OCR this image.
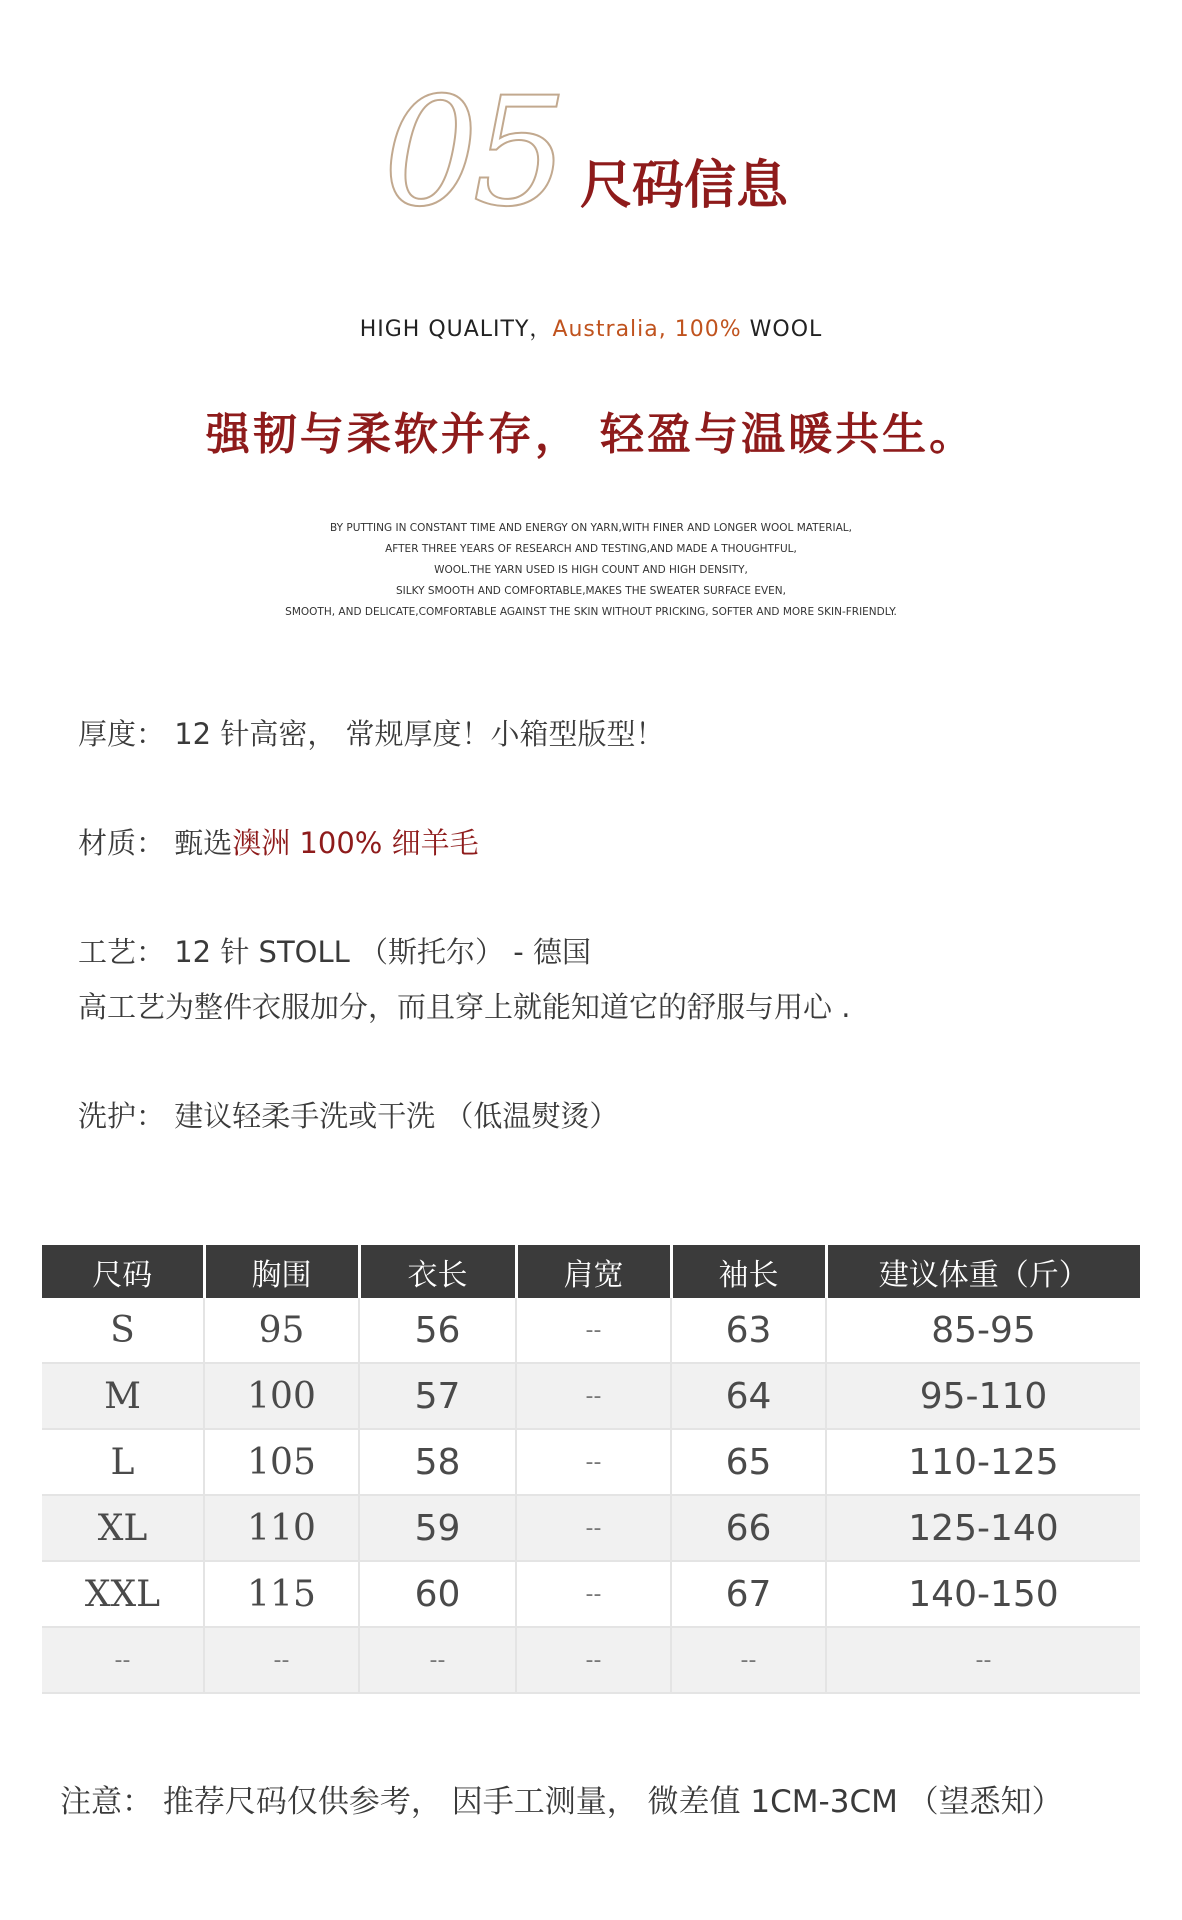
05 尺码信息
HIGH QUALITY，Australia, 100% WOOL
强韧与柔软并存， 轻盈与温暖共生。
BY PUTTING IN CONSTANT TIME AND ENERGY ON YARN,WITH FINER AND LONGER WOOL MATERIAL,
AFTER THREE YEARS OF RESEARCH AND TESTING,AND MADE A THOUGHTFUL,
WOOL.THE YARN USED IS HIGH COUNT AND HIGH DENSITY,
SILKY SMOOTH AND COMFORTABLE,MAKES THE SWEATER SURFACE EVEN,
SMOOTH, AND DELICATE,COMFORTABLE AGAINST THE SKIN WITHOUT PRICKING, SOFTER AND MORE SKIN-FRIENDLY.
厚度： 12 针高密， 常规厚度！小箱型版型！
材质： 甄选澳洲 100% 细羊毛
工艺： 12 针 STOLL （斯托尔） - 德国
高工艺为整件衣服加分，而且穿上就能知道它的舒服与用心 .
洗护： 建议轻柔手洗或干洗 （低温熨烫）
尺码	胸围	衣长	肩宽	袖长	建议体重（斤）
S	95	56	--	63	85-95
M	100	57	--	64	95-110
L	105	58	--	65	110-125
XL	110	59	--	66	125-140
XXL	115	60	--	67	140-150
--	--	--	--	--	--
注意： 推荐尺码仅供参考， 因手工测量， 微差值 1CM-3CM （望悉知）
